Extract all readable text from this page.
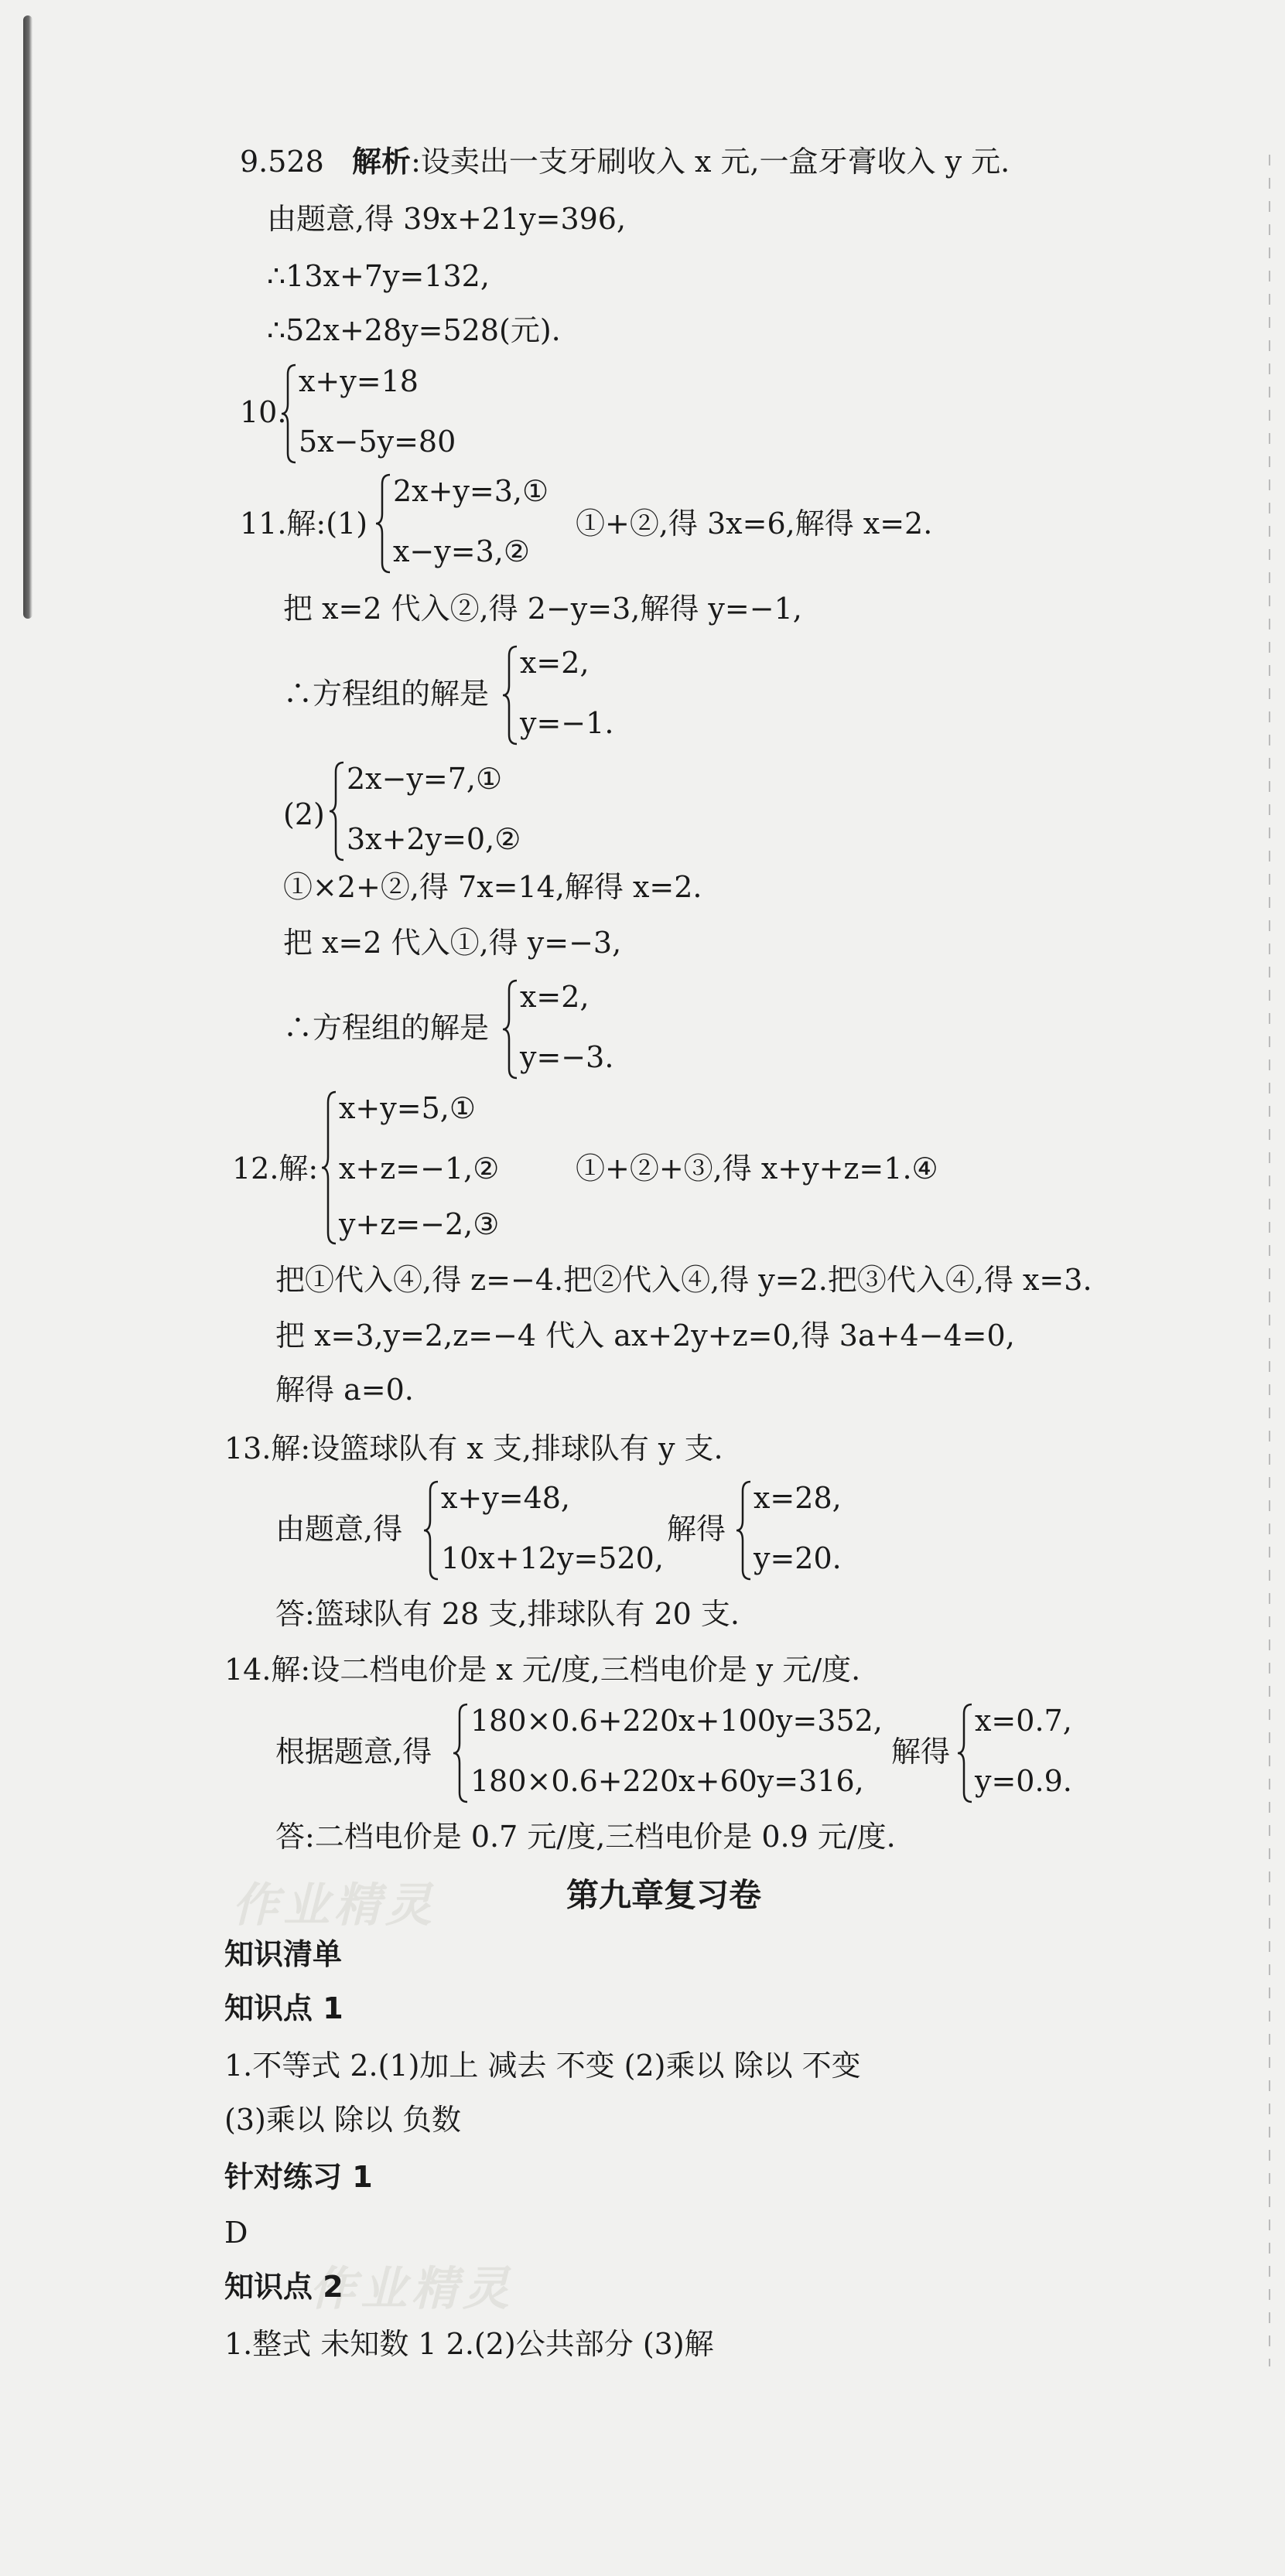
9.528 解析:设卖出一支牙刷收入 x 元,一盒牙膏收入 y 元.
由题意,得 39x+21y=396,
∴13x+7y=132,
∴52x+28y=528(元).
10.
x+y=18
5x−5y=80
11.解:(1)
2x+y=3,①
x−y=3,②
①+②,得 3x=6,解得 x=2.
把 x=2 代入②,得 2−y=3,解得 y=−1,
∴方程组的解是
x=2,
y=−1.
(2)
2x−y=7,①
3x+2y=0,②
①×2+②,得 7x=14,解得 x=2.
把 x=2 代入①,得 y=−3,
∴方程组的解是
x=2,
y=−3.
12.解:
x+y=5,①
x+z=−1,②
y+z=−2,③
①+②+③,得 x+y+z=1.④
把①代入④,得 z=−4.把②代入④,得 y=2.把③代入④,得 x=3.
把 x=3,y=2,z=−4 代入 ax+2y+z=0,得 3a+4−4=0,
解得 a=0.
13.解:设篮球队有 x 支,排球队有 y 支.
由题意,得
x+y=48,
10x+12y=520,
解得
x=28,
y=20.
答:篮球队有 28 支,排球队有 20 支.
14.解:设二档电价是 x 元/度,三档电价是 y 元/度.
根据题意,得
180×0.6+220x+100y=352,
180×0.6+220x+60y=316,
解得
x=0.7,
y=0.9.
答:二档电价是 0.7 元/度,三档电价是 0.9 元/度.
作业精灵
作业精灵
第九章复习卷
知识清单
知识点 1
1.不等式 2.(1)加上 减去 不变 (2)乘以 除以 不变
(3)乘以 除以 负数
针对练习 1
D
知识点 2
1.整式 未知数 1 2.(2)公共部分 (3)解
